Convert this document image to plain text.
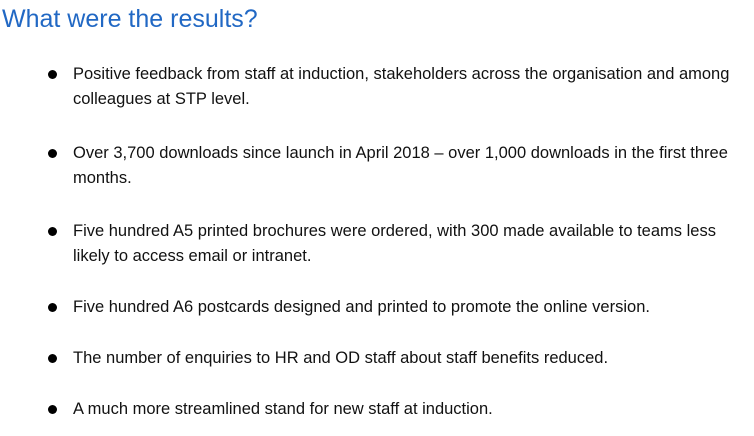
What were the results?
Positive feedback from staff at induction, stakeholders across the organisation and among colleagues at STP level.
Over 3,700 downloads since launch in April 2018 – over 1,000 downloads in the first three months.
Five hundred A5 printed brochures were ordered, with 300 made available to teams less likely to access email or intranet.
Five hundred A6 postcards designed and printed to promote the online version.
The number of enquiries to HR and OD staff about staff benefits reduced.
A much more streamlined stand for new staff at induction.
